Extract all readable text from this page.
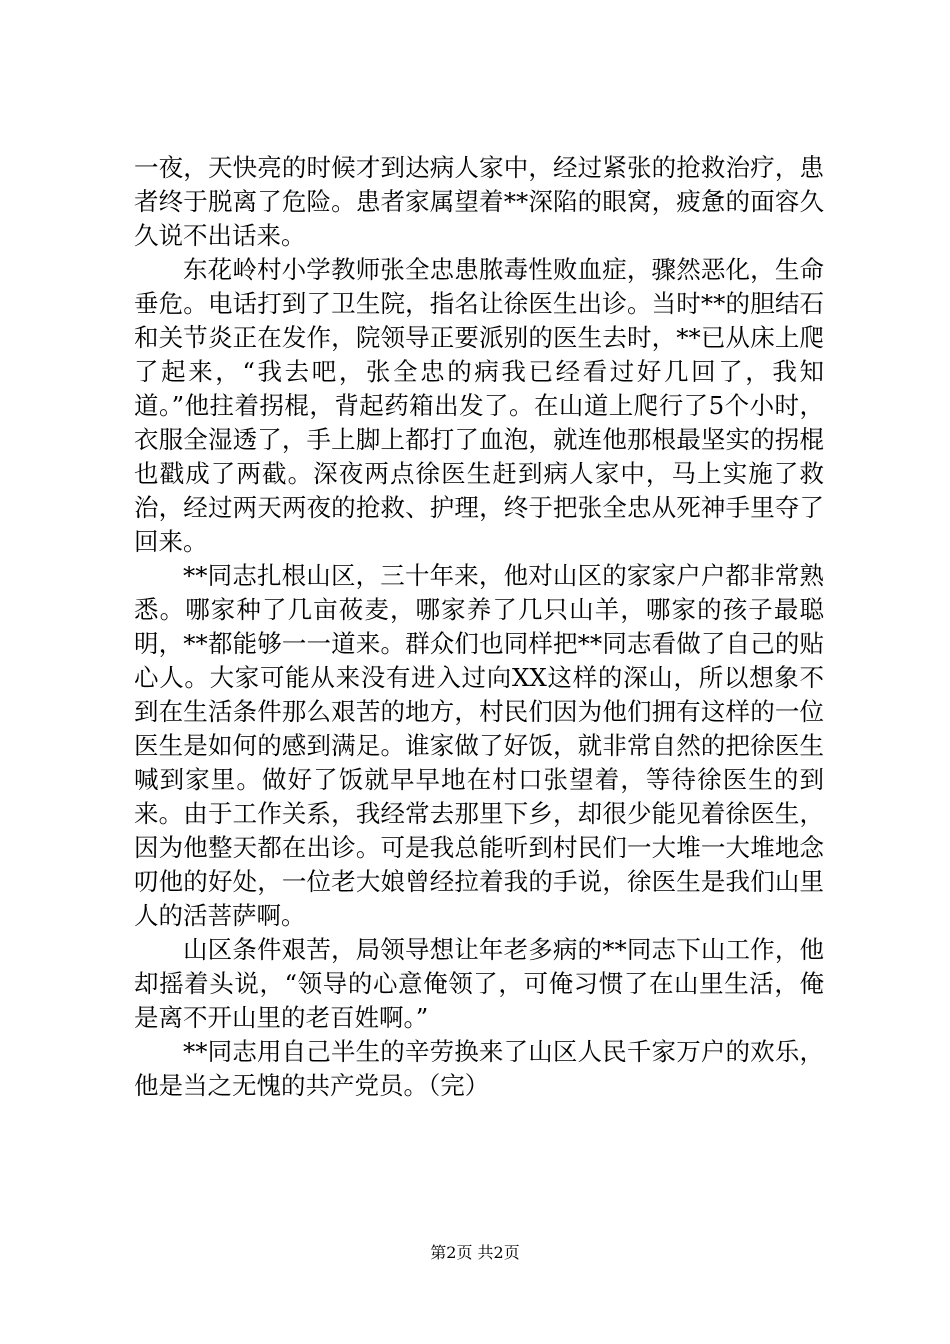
一夜，天快亮的时候才到达病人家中，经过紧张的抢救治疗，患者终于脱离了危险。患者家属望着**深陷的眼窝，疲惫的面容久久说不出话来。

东花岭村小学教师张全忠患脓毒性败血症，骤然恶化，生命垂危。电话打到了卫生院，指名让徐医生出诊。当时**的胆结石和关节炎正在发作，院领导正要派别的医生去时，**已从床上爬了起来，“我去吧，张全忠的病我已经看过好几回了，我知道。”他拄着拐棍，背起药箱出发了。在山道上爬行了5个小时，衣服全湿透了，手上脚上都打了血泡，就连他那根最坚实的拐棍也戳成了两截。深夜两点徐医生赶到病人家中，马上实施了救治，经过两天两夜的抢救、护理，终于把张全忠从死神手里夺了回来。

**同志扎根山区，三十年来，他对山区的家家户户都非常熟悉。哪家种了几亩莜麦，哪家养了几只山羊，哪家的孩子最聪明，**都能够一一道来。群众们也同样把**同志看做了自己的贴心人。大家可能从来没有进入过向XX这样的深山，所以想象不到在生活条件那么艰苦的地方，村民们因为他们拥有这样的一位医生是如何的感到满足。谁家做了好饭，就非常自然的把徐医生喊到家里。做好了饭就早早地在村口张望着，等待徐医生的到来。由于工作关系，我经常去那里下乡，却很少能见着徐医生，因为他整天都在出诊。可是我总能听到村民们一大堆一大堆地念叨他的好处，一位老大娘曾经拉着我的手说，徐医生是我们山里人的活菩萨啊。

山区条件艰苦，局领导想让年老多病的**同志下山工作，他却摇着头说，“领导的心意俺领了，可俺习惯了在山里生活，俺是离不开山里的老百姓啊。”

**同志用自己半生的辛劳换来了山区人民千家万户的欢乐，他是当之无愧的共产党员。（完）

第2页 共2页
